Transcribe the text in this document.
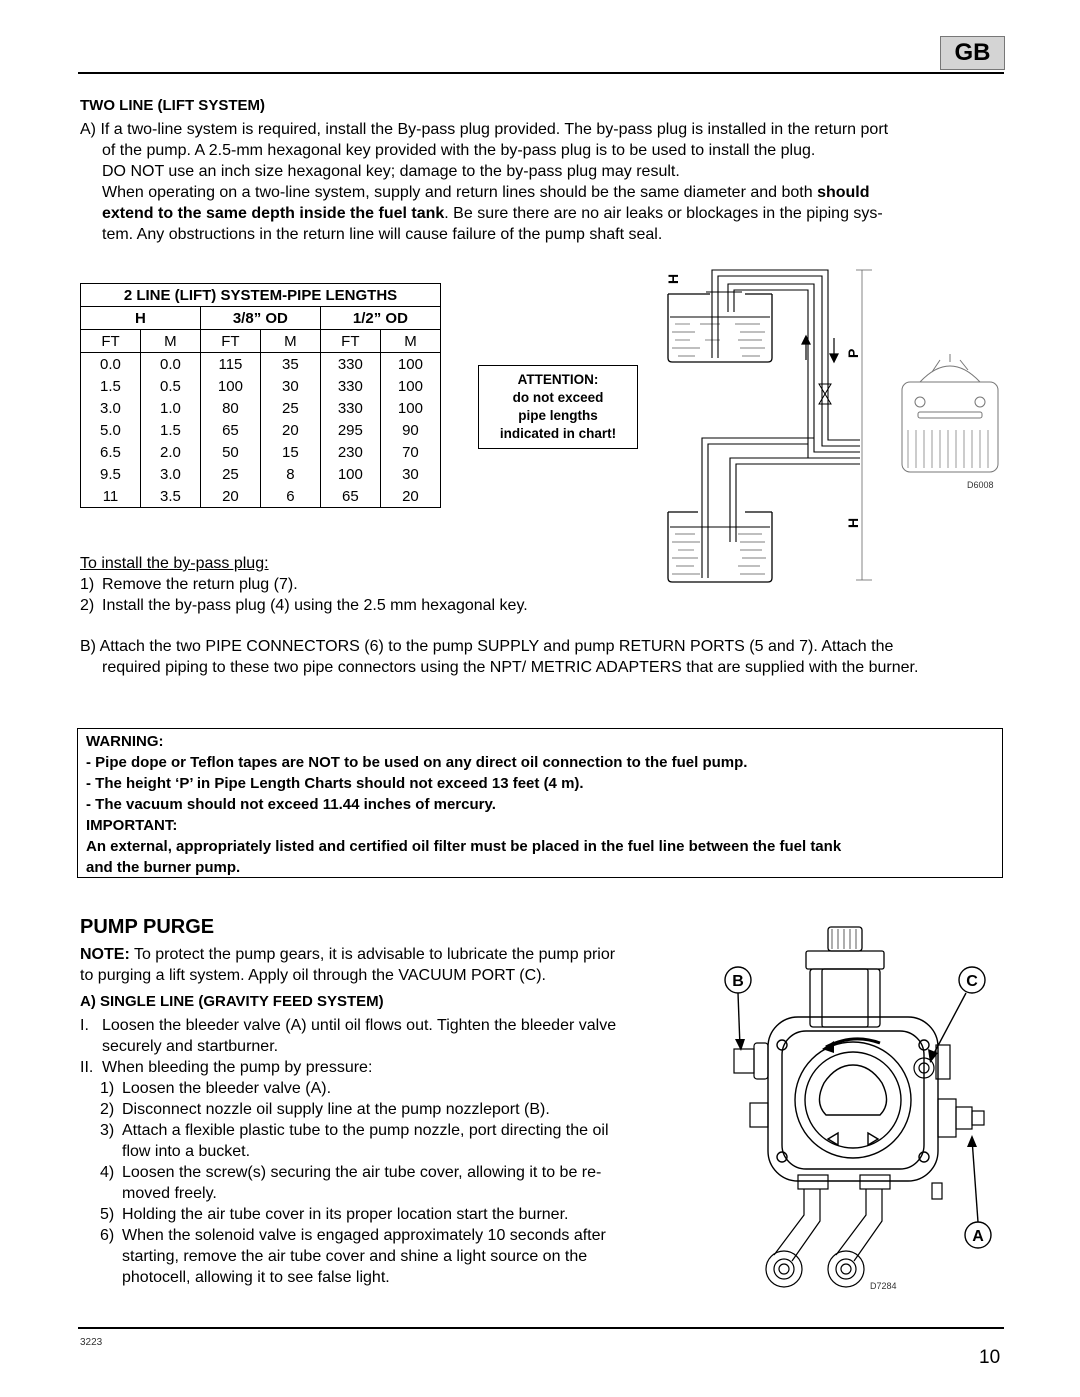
GB
TWO LINE (LIFT SYSTEM)
A) If a two-line system is required, install the By-pass plug provided. The by-pass plug is installed in the return port
of the pump. A 2.5-mm hexagonal key provided with the by-pass plug is to be used to install the plug.
DO NOT use an inch size hexagonal key; damage to the by-pass plug may result.
When operating on a two-line system, supply and return lines should be the same diameter and both should
extend to the same depth inside the fuel tank. Be sure there are no air leaks or blockages in the piping sys-
tem. Any obstructions in the return line will cause failure of the pump shaft seal.
2 LINE (LIFT) SYSTEM-PIPE LENGTHS					
H		3/8” OD		1/2” OD	
FT	M	FT	M	FT	M
0.0	0.0	115	35	330	100
1.5	0.5	100	30	330	100
3.0	1.0	80	25	330	100
5.0	1.5	65	20	295	90
6.5	2.0	50	15	230	70
9.5	3.0	25	8	100	30
11	3.5	20	6	65	20
ATTENTION:
do not exceed
pipe lengths
indicated in chart!
H
P
H
D6008
To install the by-pass plug:
1) Remove the return plug (7).
2) Install the by-pass plug (4) using the 2.5 mm hexagonal key.
B) Attach the two PIPE CONNECTORS (6) to the pump SUPPLY and pump RETURN PORTS (5 and 7). Attach the
required piping to these two pipe connectors using the NPT/ METRIC ADAPTERS that are supplied with the burner.
WARNING:
- Pipe dope or Teflon tapes are NOT to be used on any direct oil connection to the fuel pump.
- The height ‘P’ in Pipe Length Charts should not exceed 13 feet (4 m).
- The vacuum should not exceed 11.44 inches of mercury.
IMPORTANT:
An external, appropriately listed and certified oil filter must be placed in the fuel line between the fuel tank
and the burner pump.
PUMP PURGE
NOTE: To protect the pump gears, it is advisable to lubricate the pump prior
to purging a lift system. Apply oil through the VACUUM PORT (C).
A) SINGLE LINE (GRAVITY FEED SYSTEM)
I. Loosen the bleeder valve (A) until oil flows out. Tighten the bleeder valve
securely and startburner.
II. When bleeding the pump by pressure:
1) Loosen the bleeder valve (A).
2) Disconnect nozzle oil supply line at the pump nozzleport (B).
3) Attach a flexible plastic tube to the pump nozzle, port directing the oil
flow into a bucket.
4) Loosen the screw(s) securing the air tube cover, allowing it to be re-
moved freely.
5) Holding the air tube cover in its proper location start the burner.
6) When the solenoid valve is engaged approximately 10 seconds after
starting, remove the air tube cover and shine a light source on the
photocell, allowing it to see false light.
B	C
A
D7284
3223
10
